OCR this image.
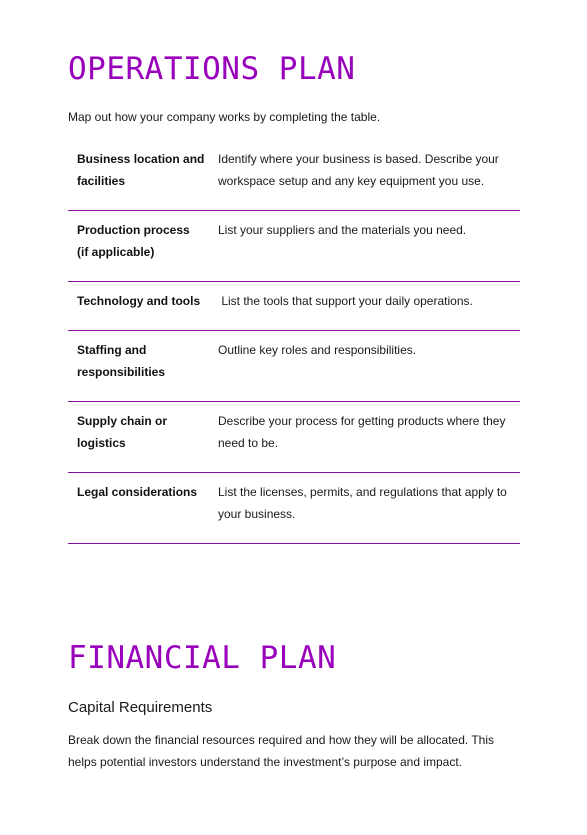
OPERATIONS PLAN

Map out how your company works by completing the table.

Business location and facilities	Identify where your business is based. Describe your workspace setup and any key equipment you use.
Production process (if applicable)	List your suppliers and the materials you need.
Technology and tools	List the tools that support your daily operations.
Staffing and responsibilities	Outline key roles and responsibilities.
Supply chain or logistics	Describe your process for getting products where they need to be.
Legal considerations	List the licenses, permits, and regulations that apply to your business.
FINANCIAL PLAN
Capital Requirements

Break down the financial resources required and how they will be allocated. This helps potential investors understand the investment’s purpose and impact.
